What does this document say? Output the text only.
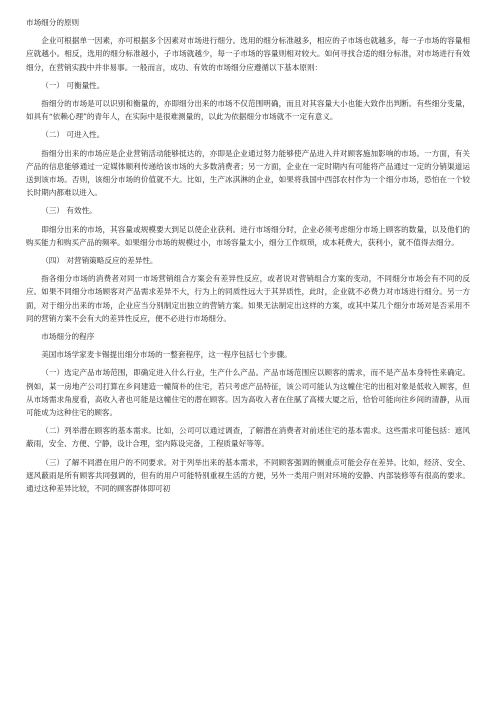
市场细分的原则

企业可根据单一因素，亦可根据多个因素对市场进行细分。选用的细分标准越多，相应的子市场也就越多，每一子市场的容量相应就越小。相反，选用的细分标准越小，子市场就越少，每一子市场的容量则相对较大。如何寻找合适的细分标准，对市场进行有效细分，在营销实践中并非易事。一般而言，成功、有效的市场细分应遵循以下基本原则：

（一） 可衡量性。

指细分的市场是可以识别和衡量的，亦即细分出来的市场不仅范围明确，而且对其容量大小也能大致作出判断。有些细分变量，如具有“依赖心理”的青年人，在实际中是很难测量的，以此为依据细分市场就不一定有意义。

（二） 可进入性。

指细分出来的市场应是企业营销活动能够抵达的，亦即是企业通过努力能够使产品进入并对顾客施加影响的市场。一方面，有关产品的信息能够通过一定媒体顺利传递给该市场的大多数消费者；另一方面，企业在一定时期内有可能将产品通过一定的分销渠道运送到该市场。否则，该细分市场的价值就不大。比如，生产冰淇淋的企业，如果将我国中西部农村作为一个细分市场，恐怕在一个较长时期内都难以进入。

（三） 有效性。

即细分出来的市场，其容量或规模要大到足以使企业获利。进行市场细分时，企业必须考虑细分市场上顾客的数量，以及他们的购买能力和购买产品的频率。如果细分市场的规模过小，市场容量太小，细分工作烦琐，成本耗费大，获利小，就不值得去细分。

（四） 对营销策略反应的差异性。

指各细分市场的消费者对同一市场营销组合方案会有差异性反应，或者说对营销组合方案的变动，不同细分市场会有不同的反应。如果不同细分市场顾客对产品需求差异不大，行为上的同质性远大于其异质性，此时，企业就不必费力对市场进行细分。另一方面，对于细分出来的市场，企业应当分别制定出独立的营销方案。如果无法制定出这样的方案，或其中某几个细分市场对是否采用不同的营销方案不会有大的差异性反应，便不必进行市场细分。

市场细分的程序

美国市场学家麦卡锡提出细分市场的一整套程序，这一程序包括七个步骤。

（一）选定产品市场范围，即确定进入什么行业，生产什么产品。产品市场范围应以顾客的需求，而不是产品本身特性来确定。例如，某一房地产公司打算在乡间建造一幢简朴的住宅，若只考虑产品特征，该公司可能认为这幢住宅的出租对象是低收入顾客，但从市场需求角度看，高收入者也可能是这幢住宅的潜在顾客。因为高收入者在住腻了高楼大厦之后，恰恰可能向往乡间的清静，从而可能成为这种住宅的顾客。

（二）列举潜在顾客的基本需求。比如，公司可以通过调查，了解潜在消费者对前述住宅的基本需求。这些需求可能包括：遮风蔽雨，安全、方便、宁静，设计合理，室内陈设完备，工程质量好等等。

（三）了解不同潜在用户的不同要求。对于列举出来的基本需求，不同顾客强调的侧重点可能会存在差异。比如，经济、安全、遮风蔽雨是所有顾客共同强调的，但有的用户可能特别重视生活的方便，另外一类用户则对环境的安静、内部装修等有很高的要求。通过这种差异比较，不同的顾客群体即可初
